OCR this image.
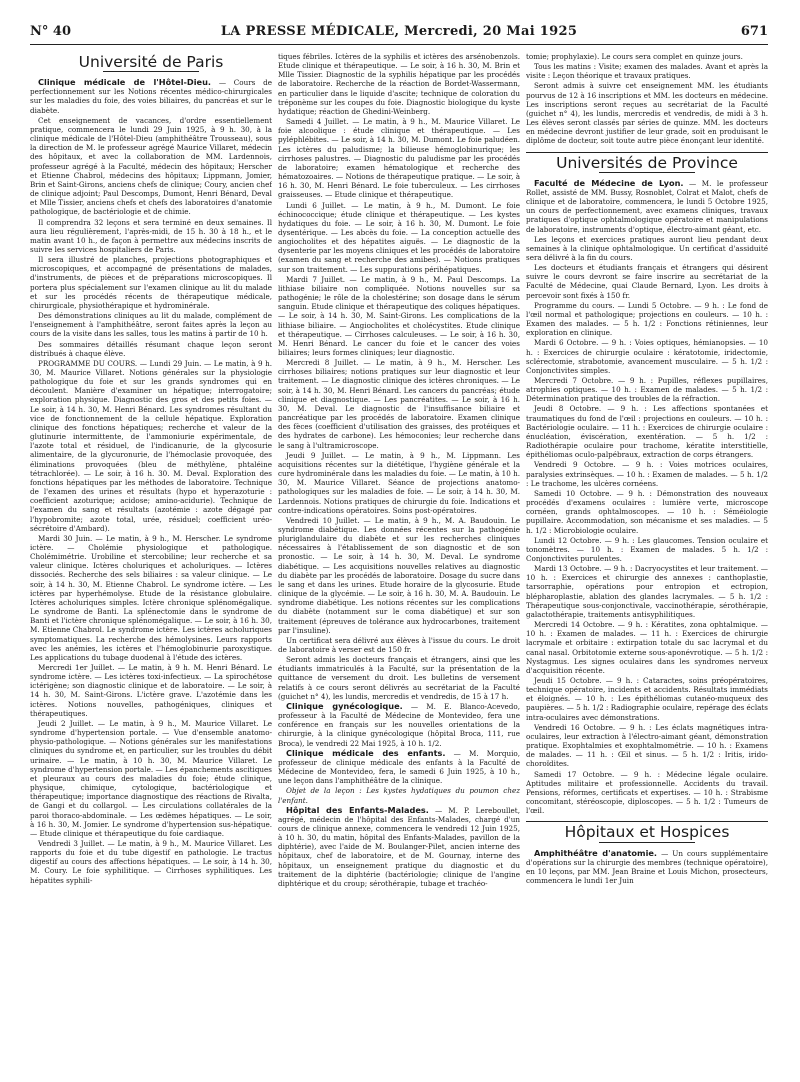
N° 40	LA PRESSE MÉDICALE, Mercredi, 20 Mai 1925	671
Université de Paris

Clinique médicale de l'Hôtel-Dieu. — Cours de perfectionnement sur les Notions récentes médico-chirurgicales sur les maladies du foie, des voies biliaires, du pancréas et sur le diabète.

Cet enseignement de vacances, d'ordre essentiellement pratique, commencera le lundi 29 Juin 1925, à 9 h. 30, à la clinique médicale de l'Hôtel-Dieu (amphithéâtre Trousseau), sous la direction de M. le professeur agrégé Maurice Villaret, médecin des hôpitaux, et avec la collaboration de MM. Lardennois, professeur agrégé à la Faculté, médecin des hôpitaux; Herscher et Etienne Chabrol, médecins des hôpitaux; Lippmann, Jomier, Brin et Saint-Girons, anciens chefs de clinique; Coury, ancien chef de clinique adjoint; Paul Descomps, Dumont, Henri Bénard, Deval et Mlle Tissier, anciens chefs et chefs des laboratoires d'anatomie pathologique, de bactériologie et de chimie.

Il comprendra 32 leçons et sera terminé en deux semaines. Il aura lieu régulièrement, l'après-midi, de 15 h. 30 à 18 h., et le matin avant 10 h., de façon à permettre aux médecins inscrits de suivre les services hospitaliers de Paris.

Il sera illustré de planches, projections photographiques et microscopiques, et accompagné de présentations de malades, d'instruments, de pièces et de préparations microscopiques. Il portera plus spécialement sur l'examen clinique au lit du malade et sur les procédés récents de thérapeutique médicale, chirurgicale, physiothérapique et hydrominérale.

Des démonstrations cliniques au lit du malade, complément de l'enseignement à l'amphithéâtre, seront faites après la leçon au cours de la visite dans les salles, tous les matins à partir de 10 h.

Des sommaires détaillés résumant chaque leçon seront distribués à chaque élève.

PROGRAMME DU COURS. — Lundi 29 Juin. — Le matin, à 9 h. 30, M. Maurice Villaret. Notions générales sur la physiologie pathologique du foie et sur les grands syndromes qui en découlent. Manière d'examiner un hépatique; interrogatoire; exploration physique. Diagnostic des gros et des petits foies. — Le soir, à 14 h. 30, M. Henri Bénard. Les syndromes résultant du vice de fonctionnement de la cellule hépatique. Exploration clinique des fonctions hépatiques; recherche et valeur de la glutinurie intermittente, de l'ammoniurie expérimentale, de l'azote total et résiduel, de l'indicanurie, de la glycosurie alimentaire, de la glycuronurie, de l'hémoclasie provoquée, des éliminations provoquées (bleu de méthylène, phtaléine tétrachlorée). — Le soir, à 16 h. 30. M. Deval. Exploration des fonctions hépatiques par les méthodes de laboratoire. Technique de l'examen des urines et résultats (hypo et hyperazoturie : coefficient azoturique; acidose; amino-acidurie). Technique de l'examen du sang et résultats (azotémie : azote dégagé par l'hypobromite; azote total, urée, résiduel; coefficient uréo-sécrétoire d'Ambard).

Mardi 30 Juin. — Le matin, à 9 h., M. Herscher. Le syndrome ictère. — Cholémie physiologique et pathologique. Cholémimétrie. Urobiline et stercobiline; leur recherche et sa valeur clinique. Ictères choluriques et acholuriques. — Ictères dissociés. Recherche des sels biliaires : sa valeur clinique. — Le soir, à 14 h. 30, M. Etienne Chabrol. Le syndrome ictère. — Les ictères par hyperhémolyse. Etude de la résistance globulaire. Ictères acholuriques simples. Ictère chronique splénomégalique. Le syndrome de Banti. La splénectomie dans le syndrome de Banti et l'ictère chronique splénomégalique. — Le soir, à 16 h. 30, M. Etienne Chabrol. Le syndrome ictère. Les ictères acholuriques symptomatiques. La recherche des hémolysines. Leurs rapports avec les anémies, les ictères et l'hémoglobinurie paroxystique. Les applications du tubage duodenal à l'étude des ictères.

Mercredi 1er Juillet. — Le matin, à 9 h. M. Henri Bénard. Le syndrome ictère. — Les ictères toxi-infectieux. — La spirochétose ictérigène; son diagnostic clinique et de laboratoire. — Le soir, à 14 h. 30, M. Saint-Girons. L'ictère grave. L'azotémie dans les ictères. Notions nouvelles, pathogéniques, cliniques et thérapeutiques.

Jeudi 2 Juillet. — Le matin, à 9 h., M. Maurice Villaret. Le syndrome d'hypertension portale. — Vue d'ensemble anatomo-physio-pathologique. — Notions générales sur les manifestations cliniques du syndrome et, en particulier, sur les troubles du débit urinaire. — Le matin, à 10 h. 30, M. Maurice Villaret. Le syndrome d'hypertension portale. — Les épanchements ascitiques et pleuraux au cours des maladies du foie; étude clinique, physique, chimique, cytologique, bactériologique et thérapeutique; importance diagnostique des réactions de Rivalta, de Gangi et du collargol. — Les circulations collatérales de la paroi thoraco-abdominale. — Les œdèmes hépatiques. — Le soir, à 16 h. 30, M. Jomier. Le syndrome d'hypertension sus-hépatique. — Etude clinique et thérapeutique du foie cardiaque.

Vendredi 3 Juillet. — Le matin, à 9 h., M. Maurice Villaret. Les rapports du foie et du tube digestif en pathologie. Le tractus digestif au cours des affections hépatiques. — Le soir, à 14 h. 30, M. Coury. Le foie syphilitique. — Cirrhoses syphilitiques. Les hépatites syphili-

tiques fébriles. Ictères de la syphilis et ictères des arsénobenzols. Etude clinique et thérapeutique. — Le soir, à 16 h. 30, M. Brin et Mlle Tissier. Diagnostic de la syphilis hépatique par les procédés de laboratoire. Recherche de la réaction de Bordet-Wassermann, en particulier dans le liquide d'ascite; technique de coloration du tréponème sur les coupes du foie. Diagnostic biologique du kyste hydatique; réaction de Ghedini-Weinberg.

Samedi 4 Juillet. — Le matin, à 9 h., M. Maurice Villaret. Le foie alcoolique : étude clinique et thérapeutique. — Les pyléphlébites. — Le soir, à 14 h. 30, M. Dumont. Le foie paludéen. Les ictères du paludisme; la bilieuse hémoglobinurique; les cirrhoses palustres. — Diagnostic du paludisme par les procédés de laboratoire; examen hématologique et recherche des hématozoaires. — Notions de thérapeutique pratique. — Le soir, à 16 h. 30, M. Henri Bénard. Le foie tuberculeux. — Les cirrhoses graisseuses. — Etude clinique et thérapeutique.

Lundi 6 Juillet. — Le matin, à 9 h., M. Dumont. Le foie échinococcique; étude clinique et thérapeutique. — Les kystes hydatiques du foie. — Le soir, à 16 h. 30, M. Dumont. Le foie dysentérique. — Les abcès du foie. — La conception actuelle des angiocholites et des hépatites aiguës. — Le diagnostic de la dysenterie par les moyens cliniques et les procédés de laboratoire (examen du sang et recherche des amibes). — Notions pratiques sur son traitement. — Les suppurations périhépatiques.

Mardi 7 Juillet. — Le matin, à 9 h., M. Paul Descomps. La lithiase biliaire non compliquée. Notions nouvelles sur sa pathogénie; le rôle de la cholestérine; son dosage dans le sérum sanguin. Etude clinique et thérapeutique des coliques hépatiques. — Le soir, à 14 h. 30, M. Saint-Girons. Les complications de la lithiase biliaire. — Angiocholites et cholécystites. Etude clinique et thérapeutique. — Cirrhoses calculeuses. — Le soir, à 16 h. 30, M. Henri Bénard. Le cancer du foie et le cancer des voies biliaires; leurs formes cliniques; leur diagnostic.

Mercredi 8 Juillet. — Le matin, à 9 h., M. Herscher. Les cirrhoses biliaires; notions pratiques sur leur diagnostic et leur traitement. — Le diagnostic clinique des ictères chroniques. — Le soir, à 14 h. 30, M. Henri Bénard. Les cancers du pancréas; étude clinique et diagnostique. — Les pancréatites. — Le soir, à 16 h. 30, M. Deval. Le diagnostic de l'insuffisance biliaire et pancréatique par les procédés de laboratoire. Examen clinique des fèces (coefficient d'utilisation des graisses, des protéiques et des hydrates de carbone). Les hémoconies; leur recherche dans le sang à l'ultramicroscope.

Jeudi 9 Juillet. — Le matin, à 9 h., M. Lippmann. Les acquisitions récentes sur la diététique, l'hygiène générale et la cure hydrominérale dans les maladies du foie. — Le matin, à 10 h. 30, M. Maurice Villaret. Séance de projections anatomo-pathologiques sur les maladies de foie. — Le soir, à 14 h. 30, M. Lardennois. Notions pratiques de chirurgie du foie. Indications et contre-indications opératoires. Soins post-opératoires.

Vendredi 10 Juillet. — Le matin, à 9 h., M. A. Baudouin. Le syndrome diabétique. Les données récentes sur la pathogénie pluriglandulaire du diabète et sur les recherches cliniques nécessaires à l'établissement de son diagnostic et de son pronostic. — Le soir, à 14 h. 30, M. Deval. Le syndrome diabétique. — Les acquisitions nouvelles relatives au diagnostic du diabète par les procédés de laboratoire. Dosage du sucre dans le sang et dans les urines. Etude horaire de la glycosurie. Etude clinique de la glycémie. — Le soir, à 16 h. 30, M. A. Baudouin. Le syndrome diabétique. Les notions récentes sur les complications du diabète (notamment sur le coma diabétique) et sur son traitement (épreuves de tolérance aux hydrocarbones, traitement par l'insuline).

Un certificat sera délivré aux élèves à l'issue du cours. Le droit de laboratoire à verser est de 150 fr.

Seront admis les docteurs français et étrangers, ainsi que les étudiants immatriculés à la Faculté, sur la présentation de la quittance de versement du droit. Les bulletins de versement relatifs à ce cours seront délivrés au secrétariat de la Faculté (guichet n° 4), les lundis, mercredis et vendredis, de 15 à 17 h.

Clinique gynécologique. — M. E. Blanco-Acevedo, professeur à la Faculté de Médecine de Montevideo, fera une conférence en français sur les nouvelles orientations de la chirurgie, à la clinique gynécologique (hôpital Broca, 111, rue Broca), le vendredi 22 Mai 1925, à 10 h. 1/2.

Clinique médicale des enfants. — M. Morquio, professeur de clinique médicale des enfants à la Faculté de Médecine de Montevideo, fera, le samedi 6 Juin 1925, à 10 h., une leçon dans l'amphithéâtre de la clinique.

Objet de la leçon : Les kystes hydatiques du poumon chez l'enfant.

Hôpital des Enfants-Malades. — M. P. Lereboullet, agrégé, médecin de l'hôpital des Enfants-Malades, chargé d'un cours de clinique annexe, commencera le vendredi 12 Juin 1925, à 10 h. 30, du matin, hôpital des Enfants-Malades, pavillon de la diphtérie), avec l'aide de M. Boulanger-Pilet, ancien interne des hôpitaux, chef de laboratoire, et de M. Gournay, interne des hôpitaux, un enseignement pratique du diagnostic et du traitement de la diphtérie (bactériologie; clinique de l'angine diphtérique et du croup; sérothérapie, tubage et trachéo-

tomie; prophylaxie). Le cours sera complet en quinze jours.

Tous les matins : Visite; examen des malades. Avant et après la visite : Leçon théorique et travaux pratiques.

Seront admis à suivre cet enseignement MM. les étudiants pourvus de 12 à 16 inscriptions et MM. les docteurs en médecine. Les inscriptions seront reçues au secrétariat de la Faculté (guichet n° 4), les lundis, mercredis et vendredis, de midi à 3 h. Les élèves seront classés par séries de quinze. MM. les docteurs en médecine devront justifier de leur grade, soit en produisant le diplôme de docteur, soit toute autre pièce énonçant leur identité.

Universités de Province

Faculté de Médecine de Lyon. — M. le professeur Rollet, assisté de MM. Bussy, Rosnoblet, Colrat et Malot, chefs de clinique et de laboratoire, commencera, le lundi 5 Octobre 1925, un cours de perfectionnement, avec examens cliniques, travaux pratiques d'optique ophtalmologique opératoire et manipulations de laboratoire, instruments d'optique, électro-aimant géant, etc.

Les leçons et exercices pratiques auront lieu pendant deux semaines à la clinique ophtalmologique. Un certificat d'assiduité sera délivré à la fin du cours.

Les docteurs et étudiants français et étrangers qui désirent suivre le cours devront se faire inscrire au secrétariat de la Faculté de Médecine, quai Claude Bernard, Lyon. Les droits à percevoir sont fixés à 150 fr.

Programme du cours. — Lundi 5 Octobre. — 9 h. : Le fond de l'œil normal et pathologique; projections en couleurs. — 10 h. : Examen des malades. — 5 h. 1/2 : Fonctions rétiniennes, leur exploration en clinique.

Mardi 6 Octobre. — 9 h. : Voies optiques, hémianopsies. — 10 h. : Exercices de chirurgie oculaire : kératotomie, iridectomie, sclérectomie, strabotomie, avancement musculaire. — 5 h. 1/2 : Conjonctivites simples.

Mercredi 7 Octobre. — 9 h. : Pupilles, réflexes pupillaires, atrophies optiques. — 10 h. : Examen de malades. — 5 h. 1/2 : Détermination pratique des troubles de la réfraction.

Jeudi 8 Octobre. — 9 h. : Les affections spontanées et traumatiques du fond de l'œil : projections en couleurs. — 10 h. : Bactériologie oculaire. — 11 h. : Exercices de chirurgie oculaire : énucléation, éviscération, exentération. — 5 h. 1/2 : Radiothérapie oculaire pour trachome, kératite interstitielle, épithéliomas oculo-palpébraux, extraction de corps étrangers.

Vendredi 9 Octobre. — 9 h. : Voies motrices oculaires, paralysies extrinsèques. — 10 h. : Examen de malades. — 5 h. 1/2 : Le trachome, les ulcères cornéens.

Samedi 10 Octobre. — 9 h. : Démonstration des nouveaux procédés d'examens oculaires : lumière verte, microscope cornéen, grands ophtalmoscopes. — 10 h. : Séméiologie pupillaire. Accommodation, son mécanisme et ses maladies. — 5 h. 1/2 : Microbiologie oculaire.

Lundi 12 Octobre. — 9 h. : Les glaucomes. Tension oculaire et tonomètres. — 10 h. : Examen de malades. 5 h. 1/2 : Conjonctivites purulentes.

Mardi 13 Octobre. — 9 h. : Dacryocystites et leur traitement. — 10 h. : Exercices et chirurgie des annexes : canthoplastie, tarsorraphie, opérations pour entropion et ectropion, blépharoplastie, ablation des glandes lacrymales. — 5 h. 1/2 : Thérapeutique sous-conjonctivale, vaccinothérapie, sérothérapie, galactothérapie, traitements antisyphilitiques.

Mercredi 14 Octobre. — 9 h. : Kératites, zona ophtalmique. — 10 h. : Examen de malades. — 11 h. : Exercices de chirurgie lacrymale et orbitaire : extirpation totale du sac lacrymal et du canal nasal. Orbitotomie externe sous-aponévrotique. — 5 h. 1/2 : Nystagmus. Les signes oculaires dans les syndromes nerveux d'acquisition récente.

Jeudi 15 Octobre. — 9 h. : Cataractes, soins préopératoires, technique opératoire, incidents et accidents. Résultats immédiats et éloignés. — 10 h. : Les épithéliomas cutanéo-muqueux des paupières. — 5 h. 1/2 : Radiographie oculaire, repérage des éclats intra-oculaires avec démonstrations.

Vendredi 16 Octobre. — 9 h. : Les éclats magnétiques intra-oculaires, leur extraction à l'électro-aimant géant, démonstration pratique. Exophtalmies et exophtalmométrie. — 10 h. : Examens de malades. — 11 h. : Œil et sinus. — 5 h. 1/2 : Iritis, irido-choroïdites.

Samedi 17 Octobre. — 9 h. : Médecine légale oculaire. Aptitudes militaire et professionnelle. Accidents du travail. Pensions, réformes, certificats et expertises. — 10 h. : Strabisme concomitant, stéréoscopie, diploscopes. — 5 h. 1/2 : Tumeurs de l'œil.

Hôpitaux et Hospices

Amphithéâtre d'anatomie. — Un cours supplémentaire d'opérations sur la chirurgie des membres (technique opératoire), en 10 leçons, par MM. Jean Braine et Louis Michon, prosecteurs, commencera le lundi 1er Juin
